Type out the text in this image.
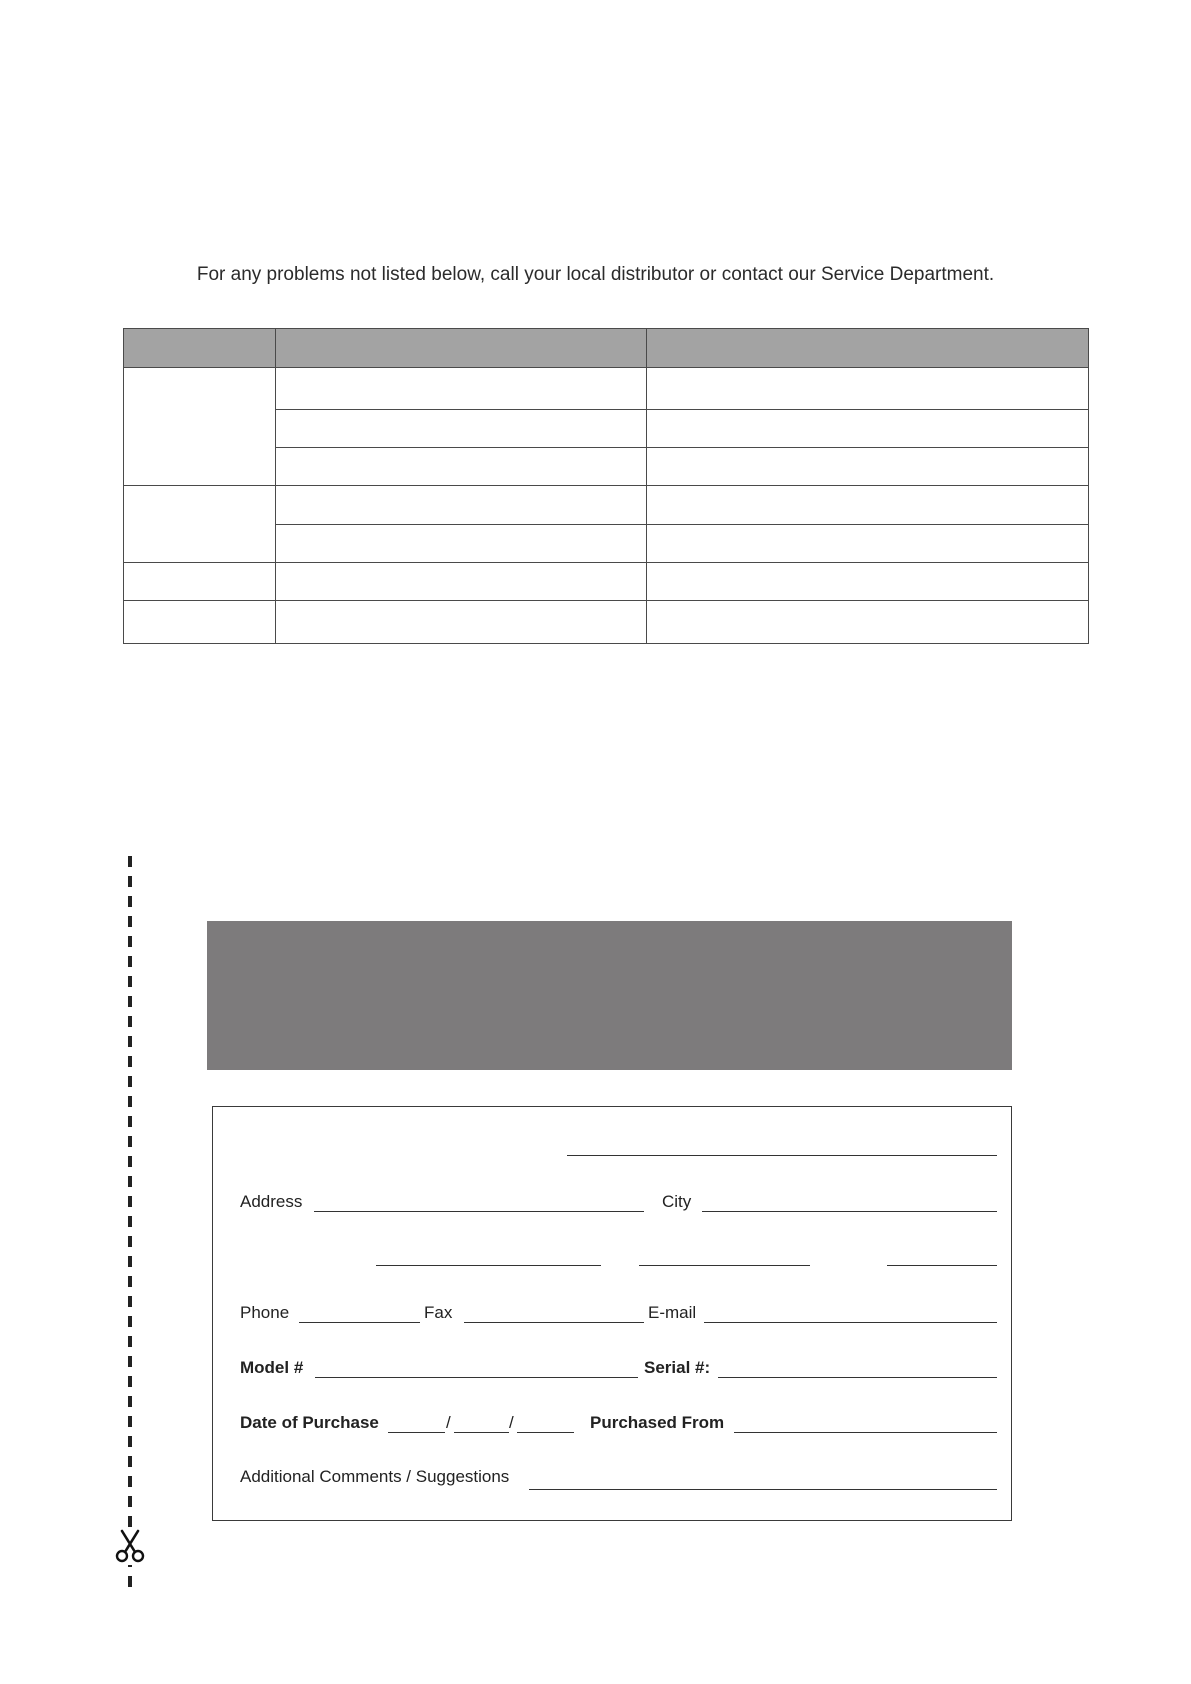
For any problems not listed below, call your local distributor or contact our Service Department.

Address	City
Phone	Fax	E-mail
Model #	Serial #:
Date of Purchase	/	/	Purchased From
Additional Comments / Suggestions
